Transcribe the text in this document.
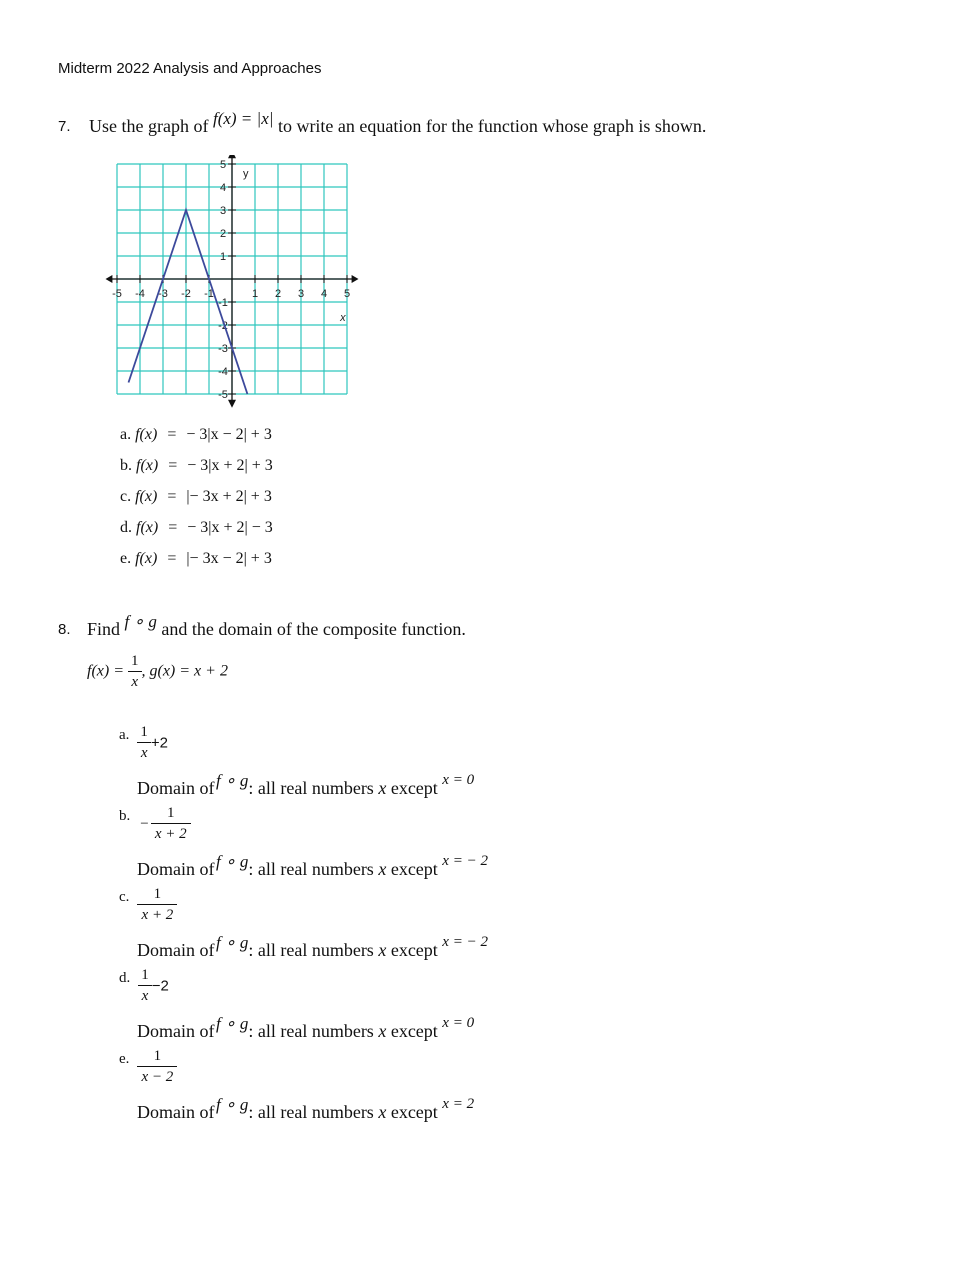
Midterm 2022 Analysis and Approaches
7. Use the graph of f(x) = |x| to write an equation for the function whose graph is shown.
-5 -4 -3 -2 -1	1 2 3 4 5
5
4
3
2
1
-1
-2
-3
-4
-5
y
x
a. f(x) = − 3|x − 2| + 3
b. f(x) = − 3|x + 2| + 3
c. f(x) = |− 3x + 2| + 3
d. f(x) = − 3|x + 2| − 3
e. f(x) = |− 3x − 2| + 3
8. Find f ∘ g and the domain of the composite function.
$f(x) = \frac{1}{x}$ , g(x) = x + 2
a. $\frac{1}{x} +2$
Domain of f ∘ g: all real numbers x except $^{x = 0}$
b. − $\frac{1}{x + 2}$
Domain of f ∘ g: all real numbers x except $^{x = - 2}$
c. $\frac{1}{x + 2}$
Domain of f ∘ g: all real numbers x except $^{x = - 2}$
d. $\frac{1}{x} -2$
Domain of f ∘ g: all real numbers x except $^{x = 0}$
e. $\frac{1}{x - 2}$
Domain of f ∘ g: all real numbers x except $^{x = 2}$
